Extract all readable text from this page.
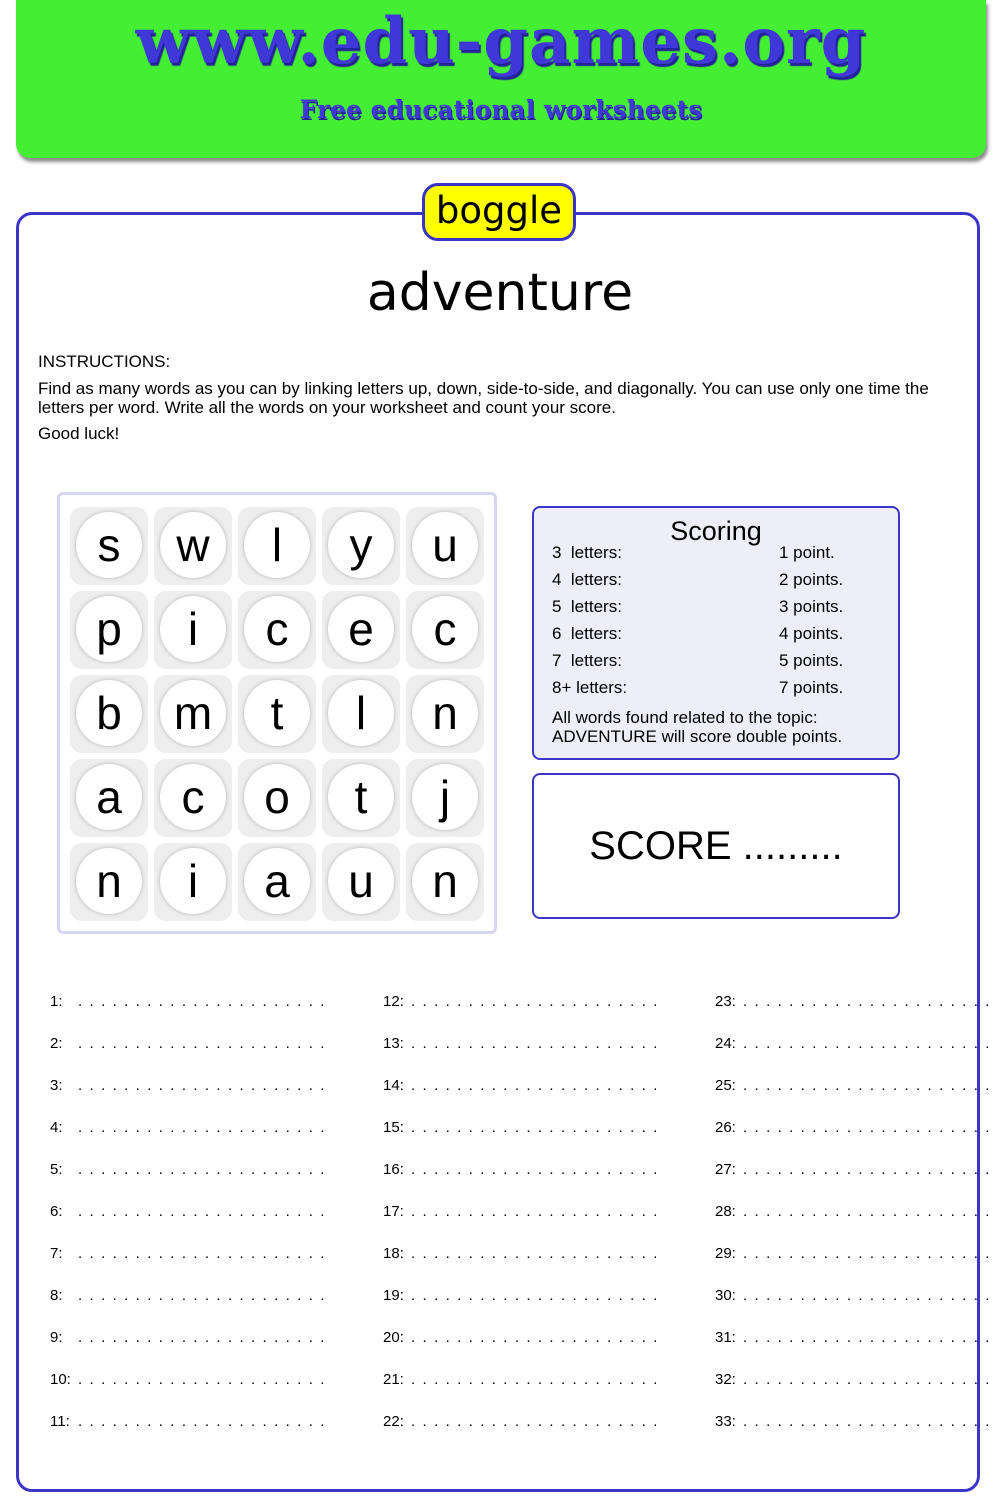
www.edu-games.org
Free educational worksheets
boggle
adventure

INSTRUCTIONS:

Find as many words as you can by linking letters up, down, side-to-side, and diagonally. You can use only one time the letters per word. Write all the words on your worksheet and count your score.

Good luck!

s	w	l	y	u
p	i	c	e	c
b	m	t	l	n
a	c	o	t	j
n	i	a	u	n
Scoring
All words found related to the topic: ADVENTURE will score double points.
3  letters:	1 point.
4  letters:	2 points.
5  letters:	3 points.
6  letters:	4 points.
7  letters:	5 points.
8+ letters:	7 points.
SCORE .........
1: . . . . . . . . . . . . . . . . . . . . . .
2: . . . . . . . . . . . . . . . . . . . . . .
3: . . . . . . . . . . . . . . . . . . . . . .
4: . . . . . . . . . . . . . . . . . . . . . .
5: . . . . . . . . . . . . . . . . . . . . . .
6: . . . . . . . . . . . . . . . . . . . . . .
7: . . . . . . . . . . . . . . . . . . . . . .
8: . . . . . . . . . . . . . . . . . . . . . .
9: . . . . . . . . . . . . . . . . . . . . . .
10: . . . . . . . . . . . . . . . . . . . . . .
11: . . . . . . . . . . . . . . . . . . . . . .
12: . . . . . . . . . . . . . . . . . . . . . .
13: . . . . . . . . . . . . . . . . . . . . . .
14: . . . . . . . . . . . . . . . . . . . . . .
15: . . . . . . . . . . . . . . . . . . . . . .
16: . . . . . . . . . . . . . . . . . . . . . .
17: . . . . . . . . . . . . . . . . . . . . . .
18: . . . . . . . . . . . . . . . . . . . . . .
19: . . . . . . . . . . . . . . . . . . . . . .
20: . . . . . . . . . . . . . . . . . . . . . .
21: . . . . . . . . . . . . . . . . . . . . . .
22: . . . . . . . . . . . . . . . . . . . . . .
23: . . . . . . . . . . . . . . . . . . . . . .
24: . . . . . . . . . . . . . . . . . . . . . .
25: . . . . . . . . . . . . . . . . . . . . . .
26: . . . . . . . . . . . . . . . . . . . . . .
27: . . . . . . . . . . . . . . . . . . . . . .
28: . . . . . . . . . . . . . . . . . . . . . .
29: . . . . . . . . . . . . . . . . . . . . . .
30: . . . . . . . . . . . . . . . . . . . . . .
31: . . . . . . . . . . . . . . . . . . . . . .
32: . . . . . . . . . . . . . . . . . . . . . .
33: . . . . . . . . . . . . . . . . . . . . . .
